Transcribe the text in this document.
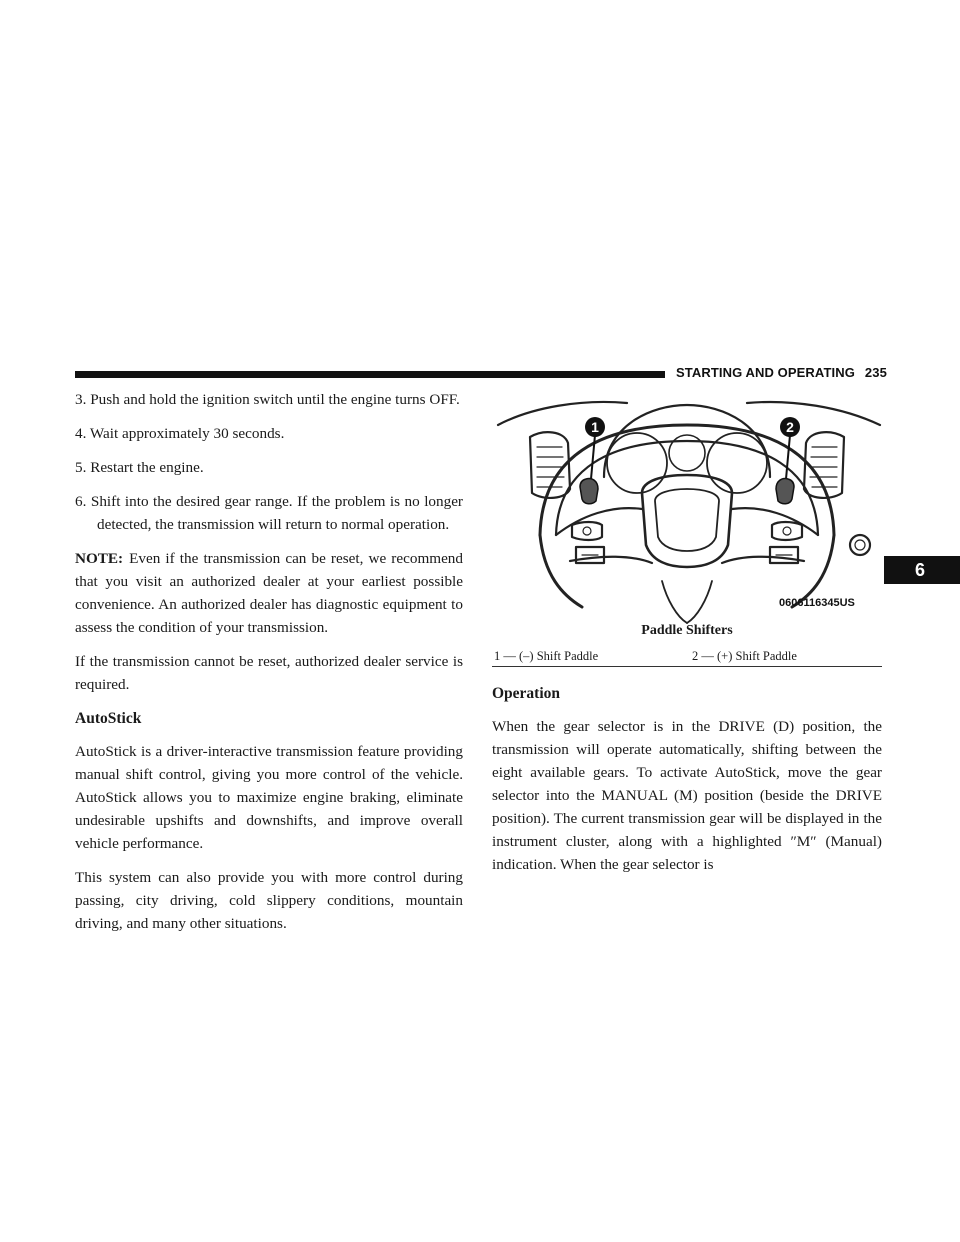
STARTING AND OPERATING 235
6
3. Push and hold the ignition switch until the engine turns OFF.
4. Wait approximately 30 seconds.
5. Restart the engine.
6. Shift into the desired gear range. If the problem is no longer detected, the transmission will return to normal operation.

NOTE: Even if the transmission can be reset, we recommend that you visit an authorized dealer at your earliest possible convenience. An authorized dealer has diagnostic equipment to assess the condition of your transmission.

If the transmission cannot be reset, authorized dealer service is required.

AutoStick

AutoStick is a driver-interactive transmission feature providing manual shift control, giving you more control of the vehicle. AutoStick allows you to maximize engine braking, eliminate undesirable upshifts and downshifts, and improve overall vehicle performance.

This system can also provide you with more control during passing, city driving, cold slippery conditions, mountain driving, and many other situations.

1	2
0606116345US
Paddle Shifters
1 — (–) Shift Paddle	2 — (+) Shift Paddle
Operation

When the gear selector is in the DRIVE (D) position, the transmission will operate automatically, shifting between the eight available gears. To activate AutoStick, move the gear selector into the MANUAL (M) position (beside the DRIVE position). The current transmission gear will be displayed in the instrument cluster, along with a highlighted ″M″ (Manual) indication. When the gear selector is
